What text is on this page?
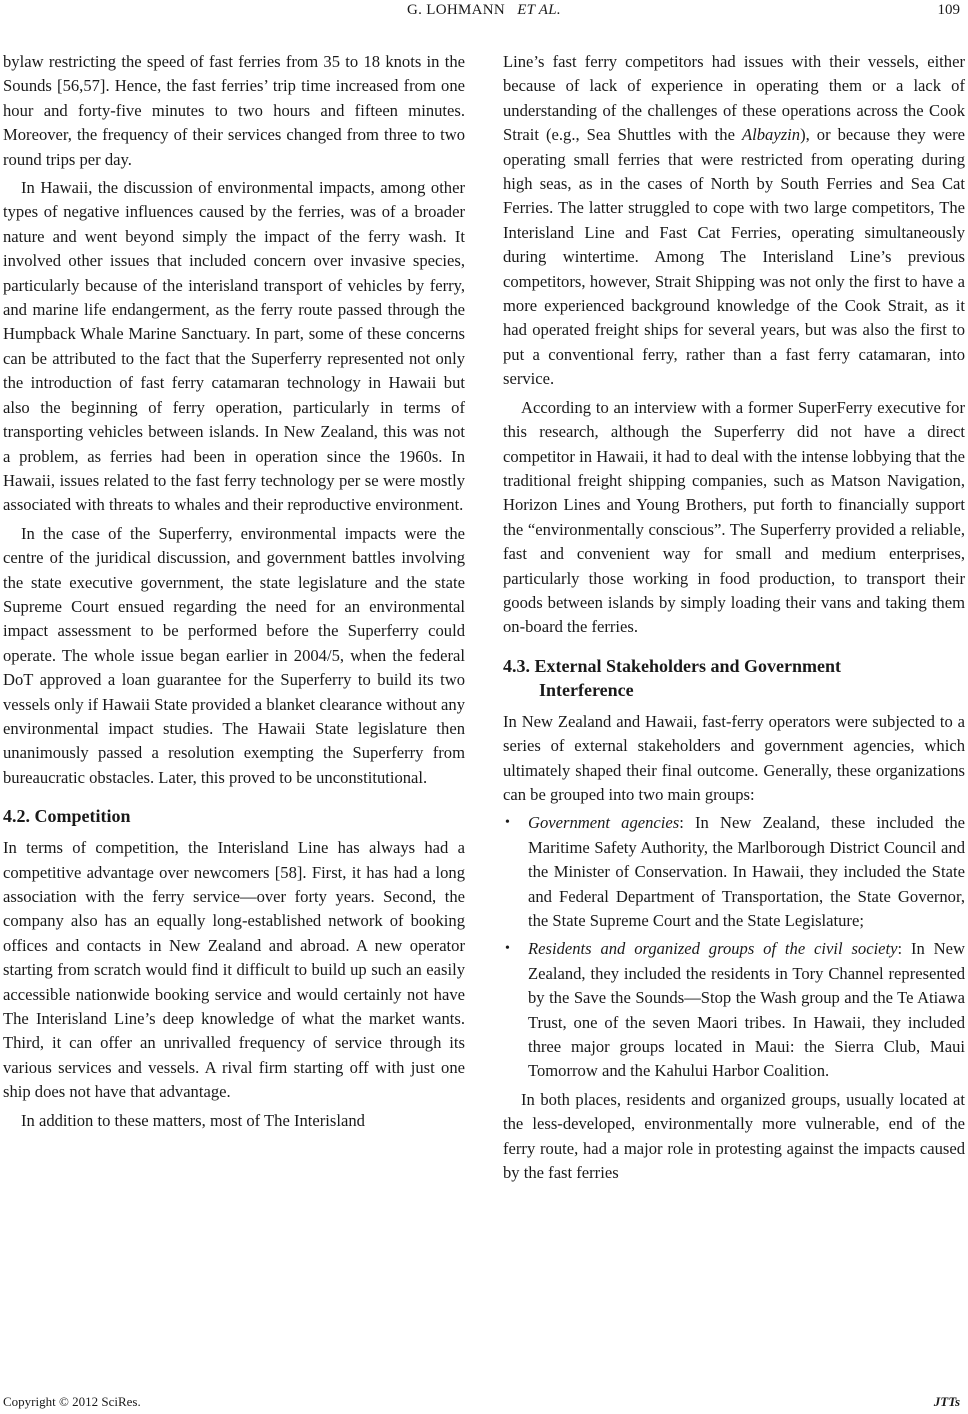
G. LOHMANN ET AL.	109

bylaw restricting the speed of fast ferries from 35 to 18 knots in the Sounds [56,57]. Hence, the fast ferries’ trip time increased from one hour and forty-five minutes to two hours and fifteen minutes. Moreover, the frequency of their services changed from three to two round trips per day.

In Hawaii, the discussion of environmental impacts, among other types of negative influences caused by the ferries, was of a broader nature and went beyond simply the impact of the ferry wash. It involved other issues that included concern over invasive species, particularly because of the interisland transport of vehicles by ferry, and marine life endangerment, as the ferry route passed through the Humpback Whale Marine Sanctuary. In part, some of these concerns can be attributed to the fact that the Superferry represented not only the introduction of fast ferry catamaran technology in Hawaii but also the beginning of ferry operation, particularly in terms of transporting vehicles between islands. In New Zealand, this was not a problem, as ferries had been in operation since the 1960s. In Hawaii, issues related to the fast ferry technology per se were mostly associated with threats to whales and their reproductive environment.

In the case of the Superferry, environmental impacts were the centre of the juridical discussion, and government battles involving the state executive government, the state legislature and the state Supreme Court ensued regarding the need for an environmental impact assessment to be performed before the Superferry could operate. The whole issue began earlier in 2004/5, when the federal DoT approved a loan guarantee for the Superferry to build its two vessels only if Hawaii State provided a blanket clearance without any environmental impact studies. The Hawaii State legislature then unanimously passed a resolution exempting the Superferry from bureaucratic obstacles. Later, this proved to be unconstitutional.

4.2. Competition

In terms of competition, the Interisland Line has always had a competitive advantage over newcomers [58]. First, it has had a long association with the ferry service—over forty years. Second, the company also has an equally long-established network of booking offices and contacts in New Zealand and abroad. A new operator starting from scratch would find it difficult to build up such an easily accessible nationwide booking service and would certainly not have The Interisland Line’s deep knowledge of what the market wants. Third, it can offer an unrivalled frequency of service through its various services and vessels. A rival firm starting off with just one ship does not have that advantage.

In addition to these matters, most of The Interisland

Line’s fast ferry competitors had issues with their vessels, either because of lack of experience in operating them or a lack of understanding of the challenges of these operations across the Cook Strait (e.g., Sea Shuttles with the Albayzin), or because they were operating small ferries that were restricted from operating during high seas, as in the cases of North by South Ferries and Sea Cat Ferries. The latter struggled to cope with two large competitors, The Interisland Line and Fast Cat Ferries, operating simultaneously during wintertime. Among The Interisland Line’s previous competitors, however, Strait Shipping was not only the first to have a more experienced background knowledge of the Cook Strait, as it had operated freight ships for several years, but was also the first to put a conventional ferry, rather than a fast ferry catamaran, into service.

According to an interview with a former SuperFerry executive for this research, although the Superferry did not have a direct competitor in Hawaii, it had to deal with the intense lobbying that the traditional freight shipping companies, such as Matson Navigation, Horizon Lines and Young Brothers, put forth to financially support the “environmentally conscious”. The Superferry provided a reliable, fast and convenient way for small and medium enterprises, particularly those working in food production, to transport their goods between islands by simply loading their vans and taking them on-board the ferries.

4.3. External Stakeholders and Government
Interference

In New Zealand and Hawaii, fast-ferry operators were subjected to a series of external stakeholders and government agencies, which ultimately shaped their final outcome. Generally, these organizations can be grouped into two main groups:

• Government agencies: In New Zealand, these included the Maritime Safety Authority, the Marlborough District Council and the Minister of Conservation. In Hawaii, they included the State and Federal Department of Transportation, the State Governor, the State Supreme Court and the State Legislature;
• Residents and organized groups of the civil society: In New Zealand, they included the residents in Tory Channel represented by the Save the Sounds—Stop the Wash group and the Te Atiawa Trust, one of the seven Maori tribes. In Hawaii, they included three major groups located in Maui: the Sierra Club, Maui Tomorrow and the Kahului Harbor Coalition.

In both places, residents and organized groups, usually located at the less-developed, environmentally more vulnerable, end of the ferry route, had a major role in protesting against the impacts caused by the fast ferries

Copyright © 2012 SciRes.	JTTs
